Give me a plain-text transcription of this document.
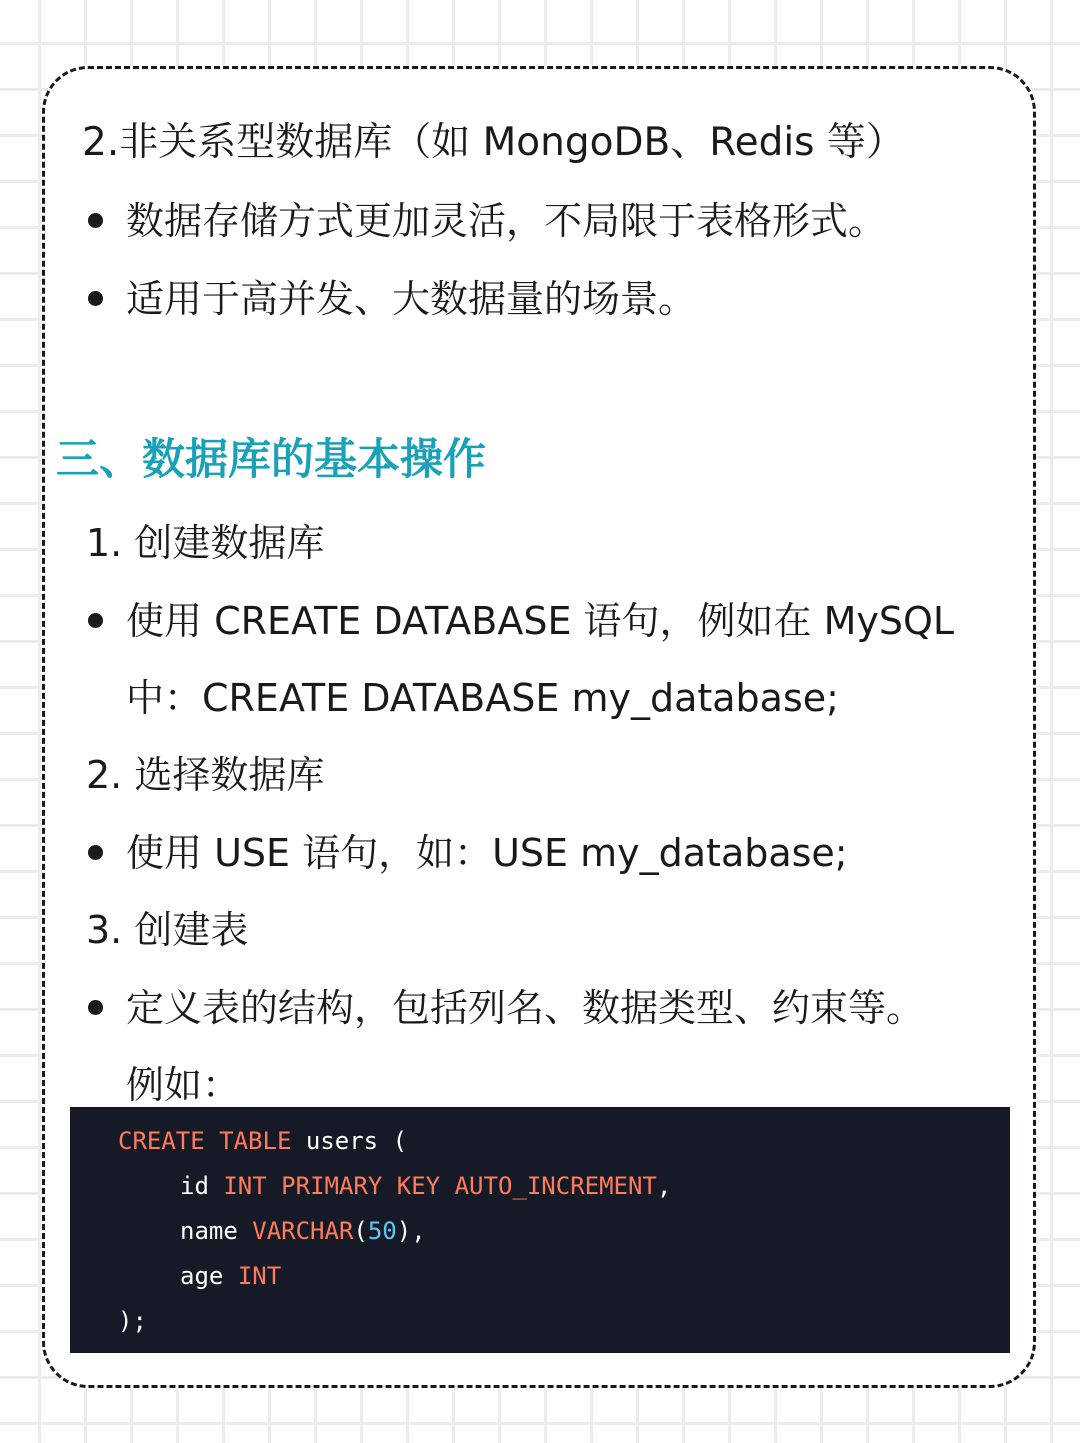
2.非关系型数据库（如 MongoDB、Redis 等）
数据存储方式更加灵活，不局限于表格形式。
适用于高并发、大数据量的场景。
三、数据库的基本操作
1. 创建数据库
使用 CREATE DATABASE 语句，例如在 MySQL
中：CREATE DATABASE my_database;
2. 选择数据库
使用 USE 语句，如：USE my_database;
3. 创建表
定义表的结构，包括列名、数据类型、约束等。
例如：
CREATE TABLE users (
id INT PRIMARY KEY AUTO_INCREMENT,
name VARCHAR(50),
age INT
);
